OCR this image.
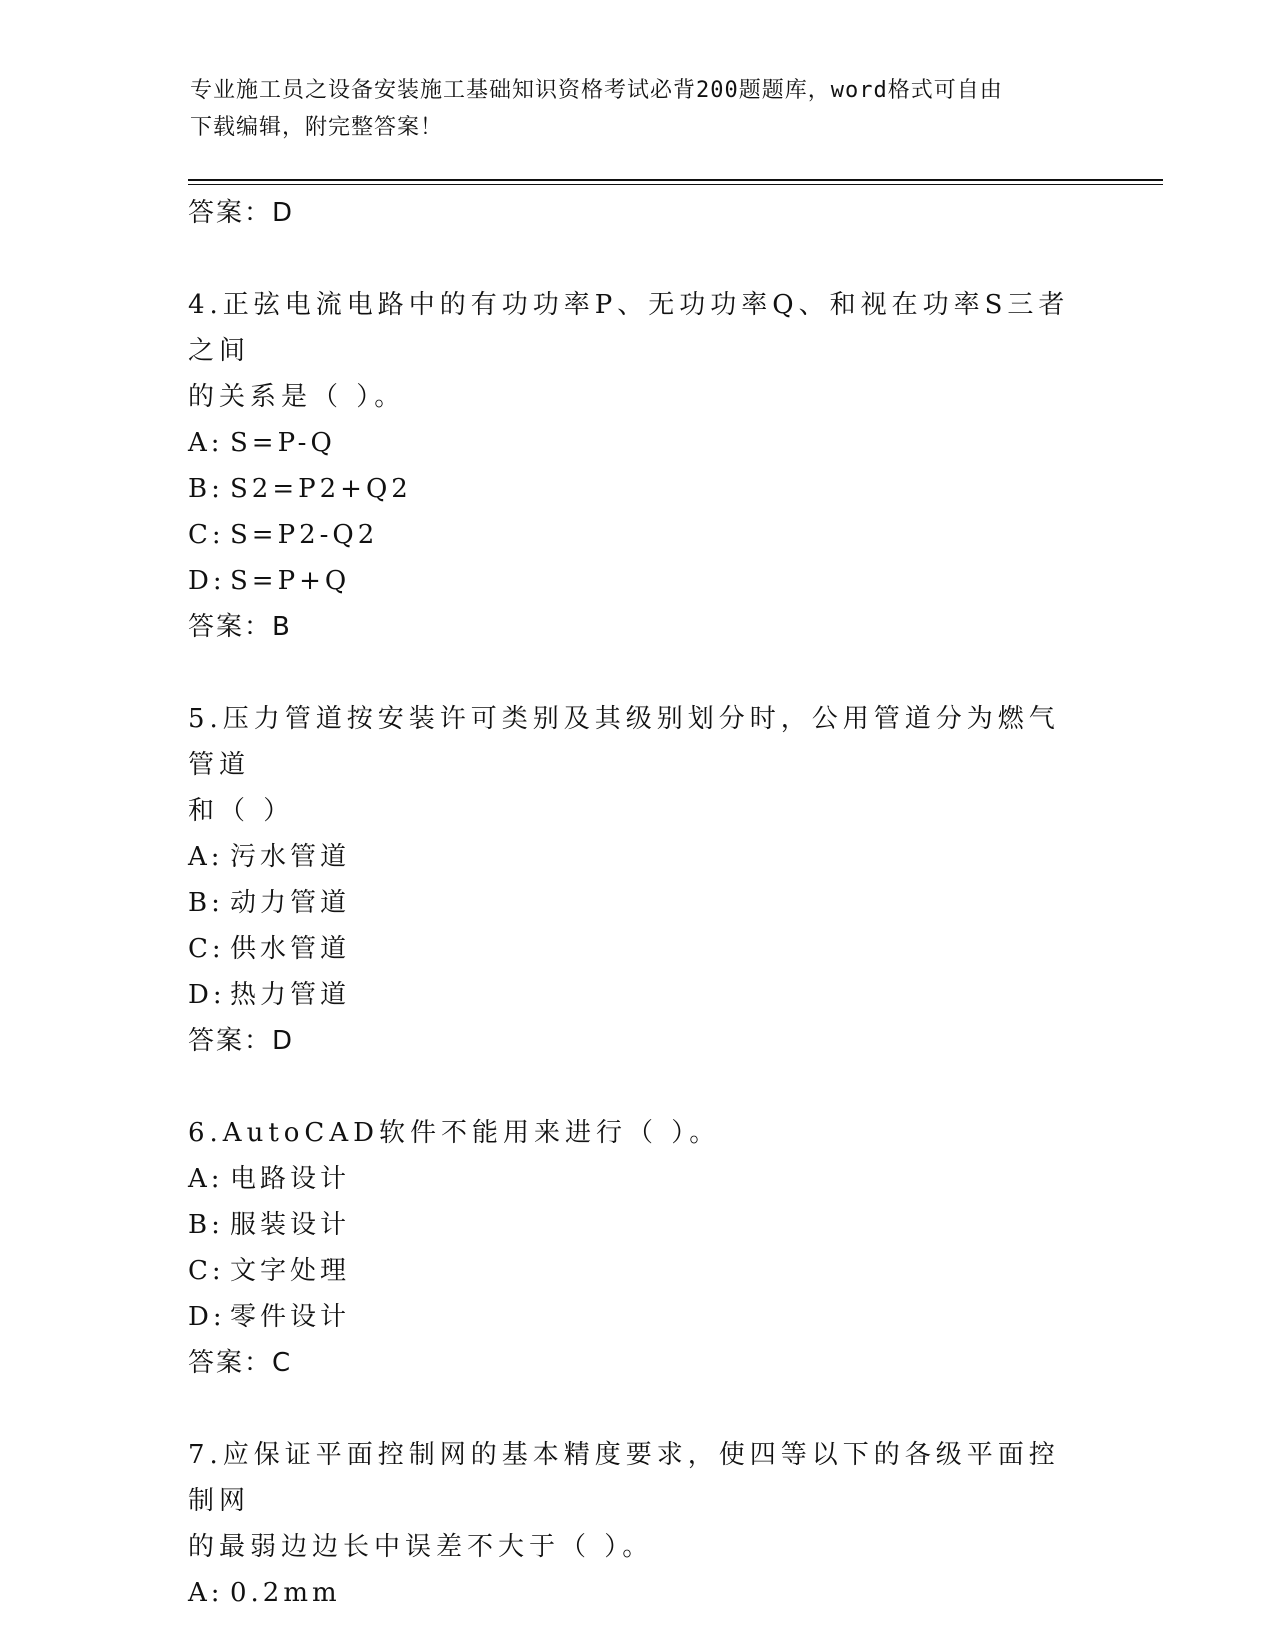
专业施工员之设备安装施工基础知识资格考试必背200题题库，word格式可自由
下载编辑，附完整答案！
答案：D
4.正弦电流电路中的有功功率P、无功功率Q、和视在功率S三者之间
的关系是（ ）。
A: S=P-Q
B: S2=P2+Q2
C: S=P2-Q2
D: S=P+Q
答案：B
5.压力管道按安装许可类别及其级别划分时，公用管道分为燃气管道
和（ ）
A: 污水管道
B: 动力管道
C: 供水管道
D: 热力管道
答案：D
6.AutoCAD软件不能用来进行（ ）。
A: 电路设计
B: 服装设计
C: 文字处理
D: 零件设计
答案：C
7.应保证平面控制网的基本精度要求，使四等以下的各级平面控制网
的最弱边边长中误差不大于（ ）。
A: 0.2mm
